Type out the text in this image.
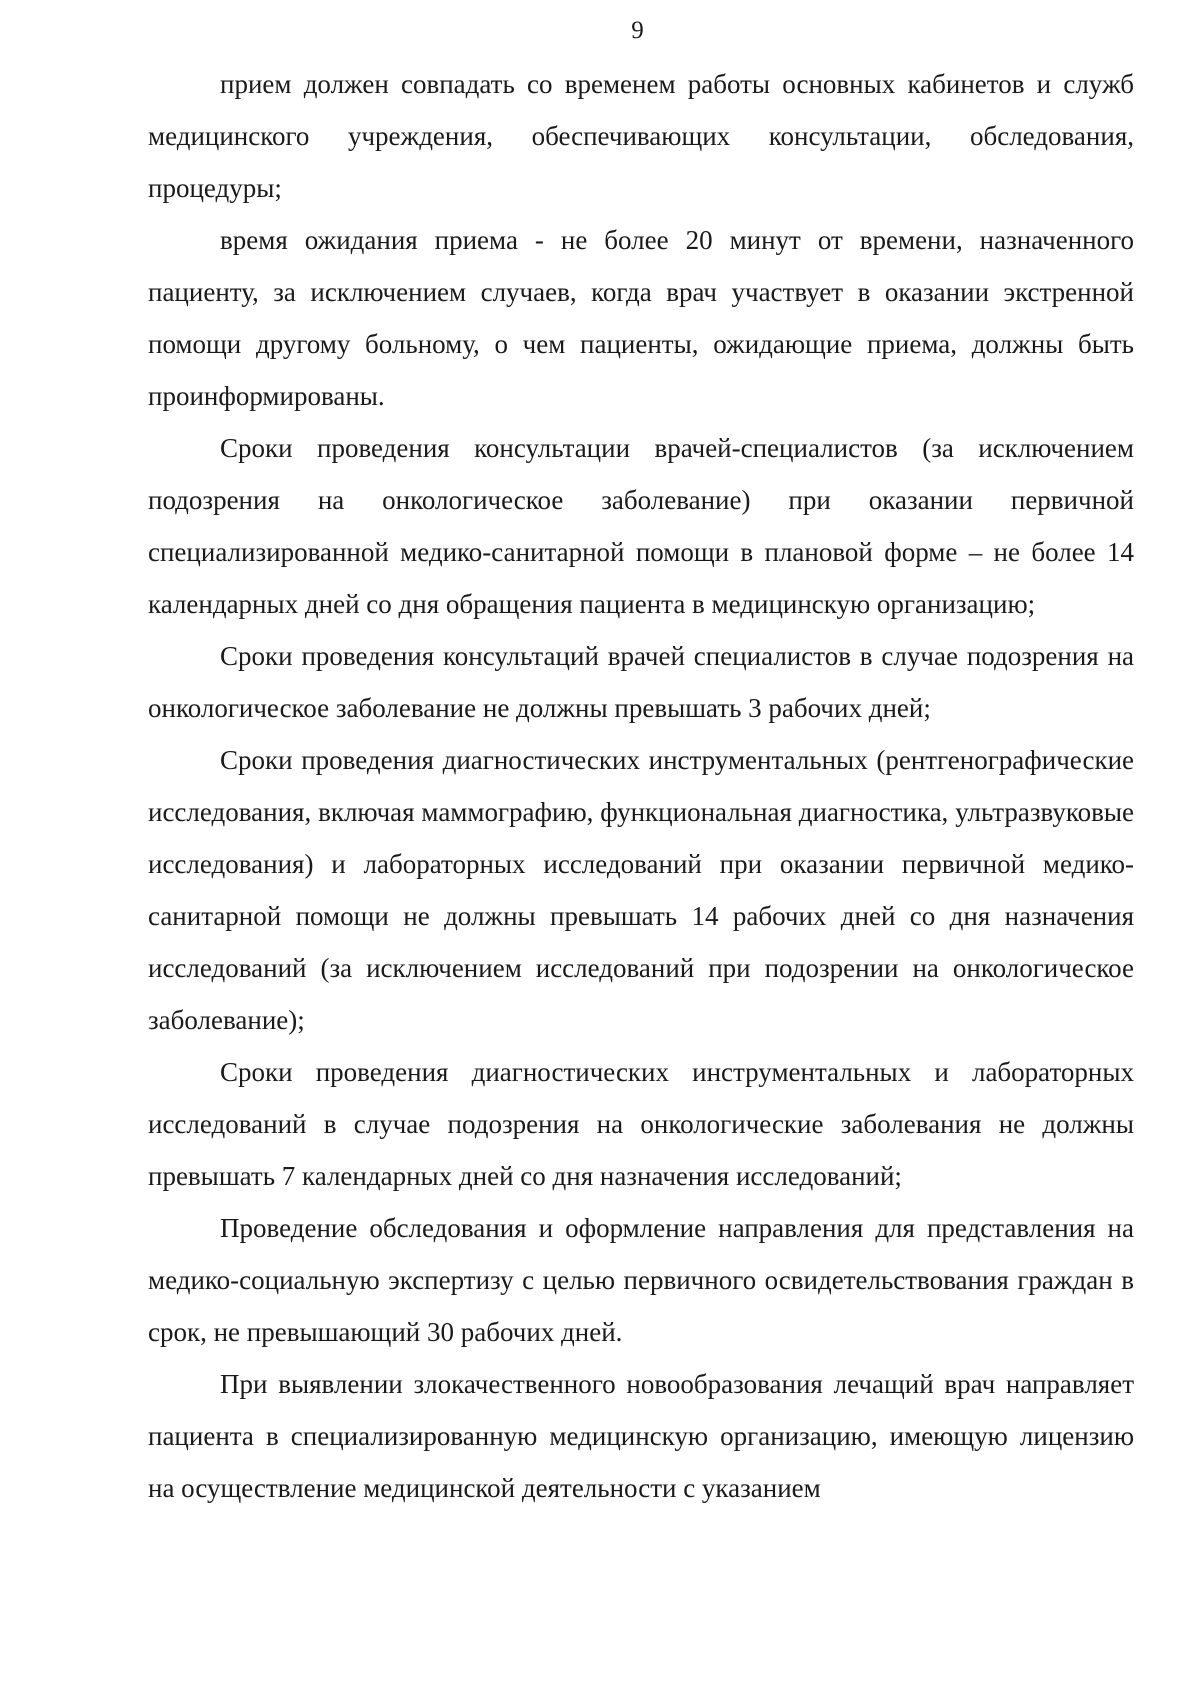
9

прием должен совпадать со временем работы основных кабинетов и служб медицинского учреждения, обеспечивающих консультации, обследования, процедуры;

время ожидания приема - не более 20 минут от времени, назначенного пациенту, за исключением случаев, когда врач участвует в оказании экстренной помощи другому больному, о чем пациенты, ожидающие приема, должны быть проинформированы.

Сроки проведения консультации врачей-специалистов (за исключением подозрения на онкологическое заболевание) при оказании первичной специализированной медико-санитарной помощи в плановой форме – не более 14 календарных дней со дня обращения пациента в медицинскую организацию;

Сроки проведения консультаций врачей специалистов в случае подозрения на онкологическое заболевание не должны превышать 3 рабочих дней;

Сроки проведения диагностических инструментальных (рентгенографические исследования, включая маммографию, функциональная диагностика, ультразвуковые исследования) и лабораторных исследований при оказании первичной медико-санитарной помощи не должны превышать 14 рабочих дней со дня назначения исследований (за исключением исследований при подозрении на онкологическое заболевание);

Сроки проведения диагностических инструментальных и лабораторных исследований в случае подозрения на онкологические заболевания не должны превышать 7 календарных дней со дня назначения исследований;

Проведение обследования и оформление направления для представления на медико-социальную экспертизу с целью первичного освидетельствования граждан в срок, не превышающий 30 рабочих дней.

При выявлении злокачественного новообразования лечащий врач направляет пациента в специализированную медицинскую организацию, имеющую лицензию на осуществление медицинской деятельности с указанием
